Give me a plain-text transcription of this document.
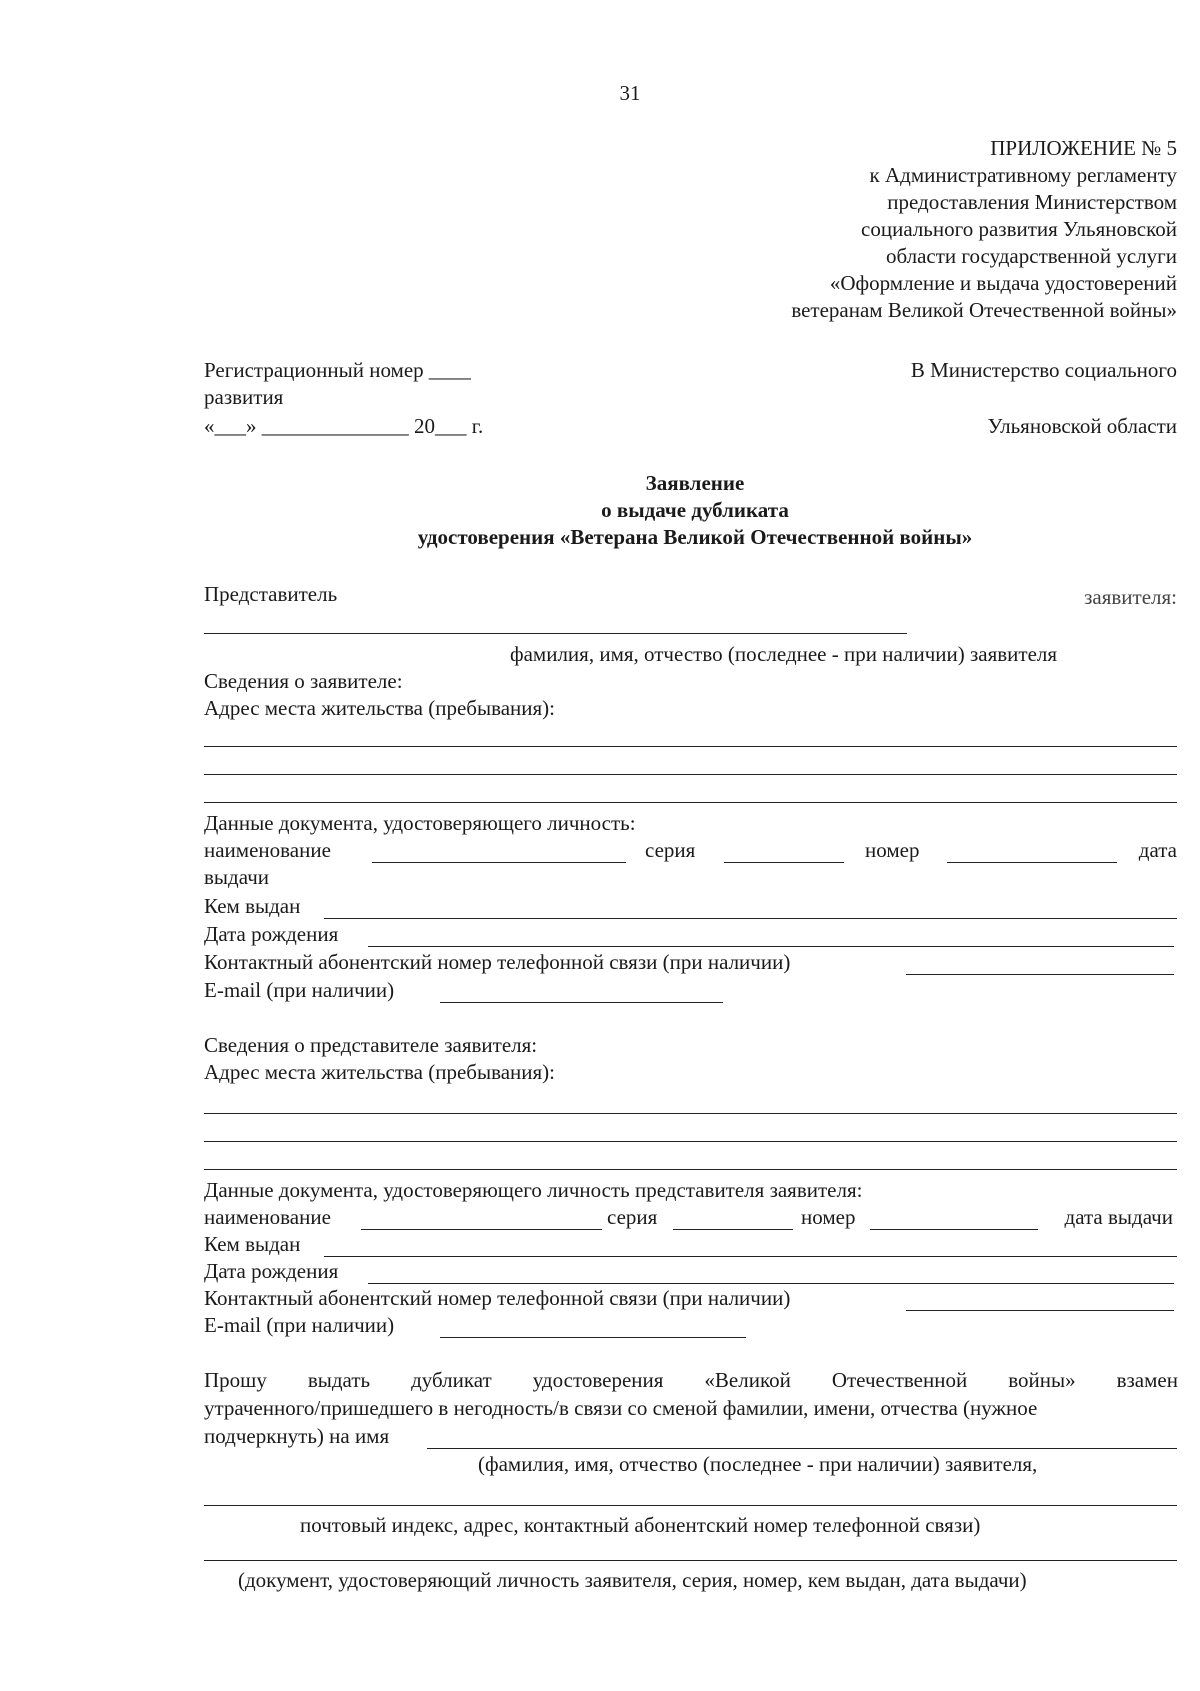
31
ПРИЛОЖЕНИЕ № 5
к Административному регламенту
предоставления Министерством
социального развития Ульяновской
области государственной услуги
«Оформление и выдача удостоверений
ветеранам Великой Отечественной войны»
Регистрационный номер ____	В Министерство социального
развития
«___» ______________ 20___ г.	Ульяновской области
Заявление
о выдаче дубликата
удостоверения «Ветерана Великой Отечественной войны»
Представитель	заявителя:
фамилия, имя, отчество (последнее - при наличии) заявителя
Сведения о заявителе:
Адрес места жительства (пребывания):
Данные документа, удостоверяющего личность:
наименование	серия	номер	дата
выдачи
Кем выдан
Дата рождения
Контактный абонентский номер телефонной связи (при наличии)
E-mail (при наличии)
Сведения о представителе заявителя:
Адрес места жительства (пребывания):
Данные документа, удостоверяющего личность представителя заявителя:
наименование	серия	номер	дата выдачи
Кем выдан
Дата рождения
Контактный абонентский номер телефонной связи (при наличии)
E-mail (при наличии)
Прошу выдать дубликат удостоверения «Великой Отечественной войны» взамен
утраченного/пришедшего в негодность/в связи со сменой фамилии, имени, отчества (нужное
подчеркнуть) на имя
(фамилия, имя, отчество (последнее - при наличии) заявителя,
почтовый индекс, адрес, контактный абонентский номер телефонной связи)
(документ, удостоверяющий личность заявителя, серия, номер, кем выдан, дата выдачи)
